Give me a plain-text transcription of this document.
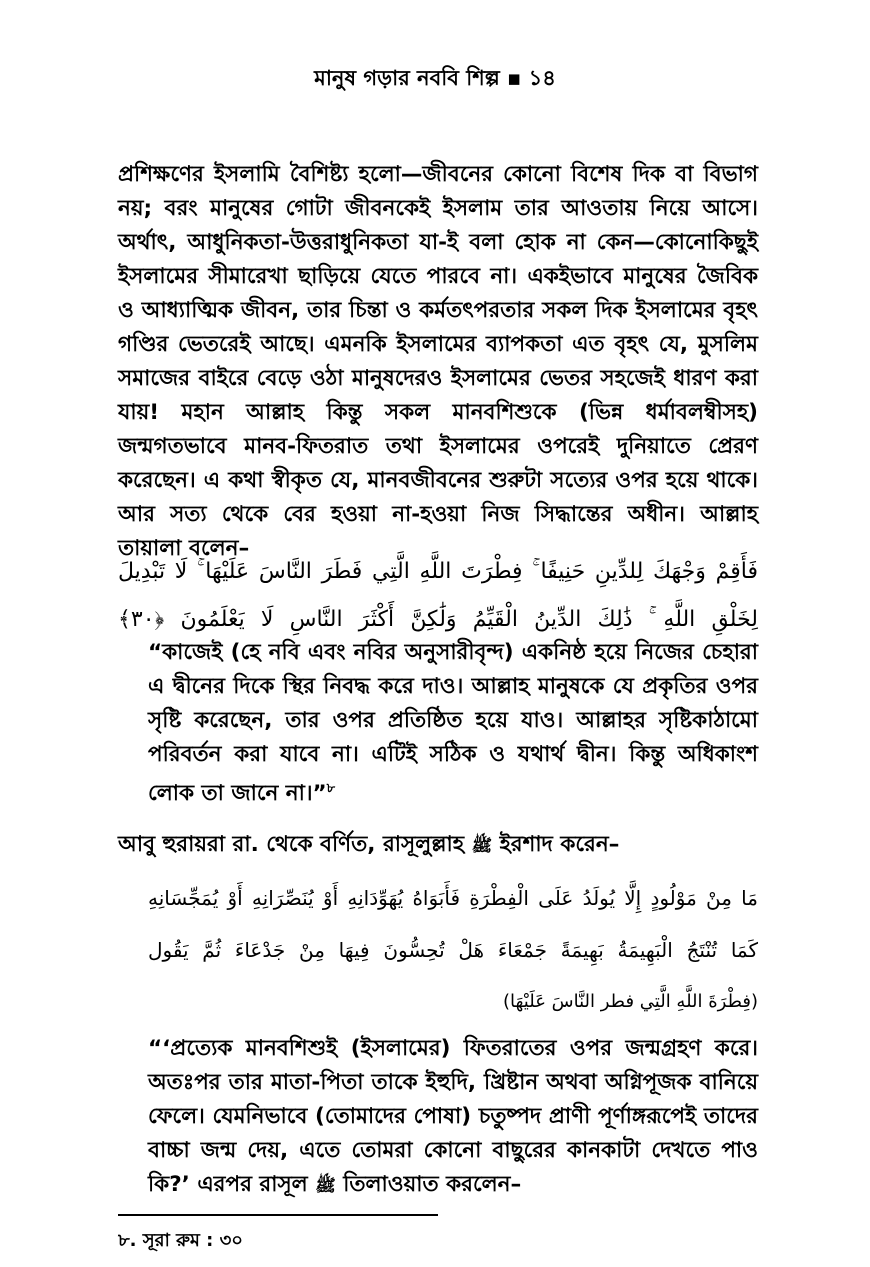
মানুষ গড়ার নববি শিল্প ▪ ১৪

প্রশিক্ষণের ইসলামি বৈশিষ্ট্য হলো—জীবনের কোনো বিশেষ দিক বা বিভাগ নয়; বরং মানুষের গোটা জীবনকেই ইসলাম তার আওতায় নিয়ে আসে। অর্থাৎ, আধুনিকতা-উত্তরাধুনিকতা যা-ই বলা হোক না কেন—কোনোকিছুই ইসলামের সীমারেখা ছাড়িয়ে যেতে পারবে না। একইভাবে মানুষের জৈবিক ও আধ্যাত্মিক জীবন, তার চিন্তা ও কর্মতৎপরতার সকল দিক ইসলামের বৃহৎ গণ্ডির ভেতরেই আছে। এমনকি ইসলামের ব্যাপকতা এত বৃহৎ যে, মুসলিম সমাজের বাইরে বেড়ে ওঠা মানুষদেরও ইসলামের ভেতর সহজেই ধারণ করা যায়! মহান আল্লাহ কিন্তু সকল মানবশিশুকে (ভিন্ন ধর্মাবলম্বীসহ) জন্মগতভাবে মানব-ফিতরাত তথা ইসলামের ওপরেই দুনিয়াতে প্রেরণ করেছেন। এ কথা স্বীকৃত যে, মানবজীবনের শুরুটা সত্যের ওপর হয়ে থাকে। আর সত্য থেকে বের হওয়া না-হওয়া নিজ সিদ্ধান্তের অধীন। আল্লাহ তায়ালা বলেন–

فَأَقِمْ وَجْهَكَ لِلدِّينِ حَنِيفًا ۚ فِطْرَتَ اللَّهِ الَّتِي فَطَرَ النَّاسَ عَلَيْهَا ۚ لَا تَبْدِيلَ
لِخَلْقِ اللَّهِ ۚ ذَٰلِكَ الدِّينُ الْقَيِّمُ وَلَٰكِنَّ أَكْثَرَ النَّاسِ لَا يَعْلَمُونَ ﴿٣٠﴾

“কাজেই (হে নবি এবং নবির অনুসারীবৃন্দ) একনিষ্ঠ হয়ে নিজের চেহারা এ দ্বীনের দিকে স্থির নিবদ্ধ করে দাও। আল্লাহ মানুষকে যে প্রকৃতির ওপর সৃষ্টি করেছেন, তার ওপর প্রতিষ্ঠিত হয়ে যাও। আল্লাহর সৃষ্টিকাঠামো পরিবর্তন করা যাবে না। এটিই সঠিক ও যথার্থ দ্বীন। কিন্তু অধিকাংশ লোক তা জানে না।”$^৮$

আবু হুরায়রা রা. থেকে বর্ণিত, রাসূলুল্লাহ ﷺ ইরশাদ করেন–
مَا مِنْ مَوْلُودٍ إِلَّا يُولَدُ عَلَى الْفِطْرَةِ فَأَبَوَاهُ يُهَوِّدَانِهِ أَوْ يُنَصِّرَانِهِ أَوْ يُمَجِّسَانِهِ
كَمَا تُنْتَجُ الْبَهِيمَةُ بَهِيمَةً جَمْعَاءَ هَلْ تُحِسُّونَ فِيهَا مِنْ جَدْعَاءَ ثُمَّ يَقُول
(فِطْرَةَ اللَّهِ الَّتِي فطر النَّاسَ عَلَيْهَا)

“‘প্রত্যেক মানবশিশুই (ইসলামের) ফিতরাতের ওপর জন্মগ্রহণ করে। অতঃপর তার মাতা-পিতা তাকে ইহুদি, খ্রিষ্টান অথবা অগ্নিপূজক বানিয়ে ফেলে। যেমনিভাবে (তোমাদের পোষা) চতুষ্পদ প্রাণী পূর্ণাঙ্গরূপেই তাদের বাচ্চা জন্ম দেয়, এতে তোমরা কোনো বাছুরের কানকাটা দেখতে পাও কি?’ এরপর রাসূল ﷺ তিলাওয়াত করলেন–

৮. সূরা রুম : ৩০
